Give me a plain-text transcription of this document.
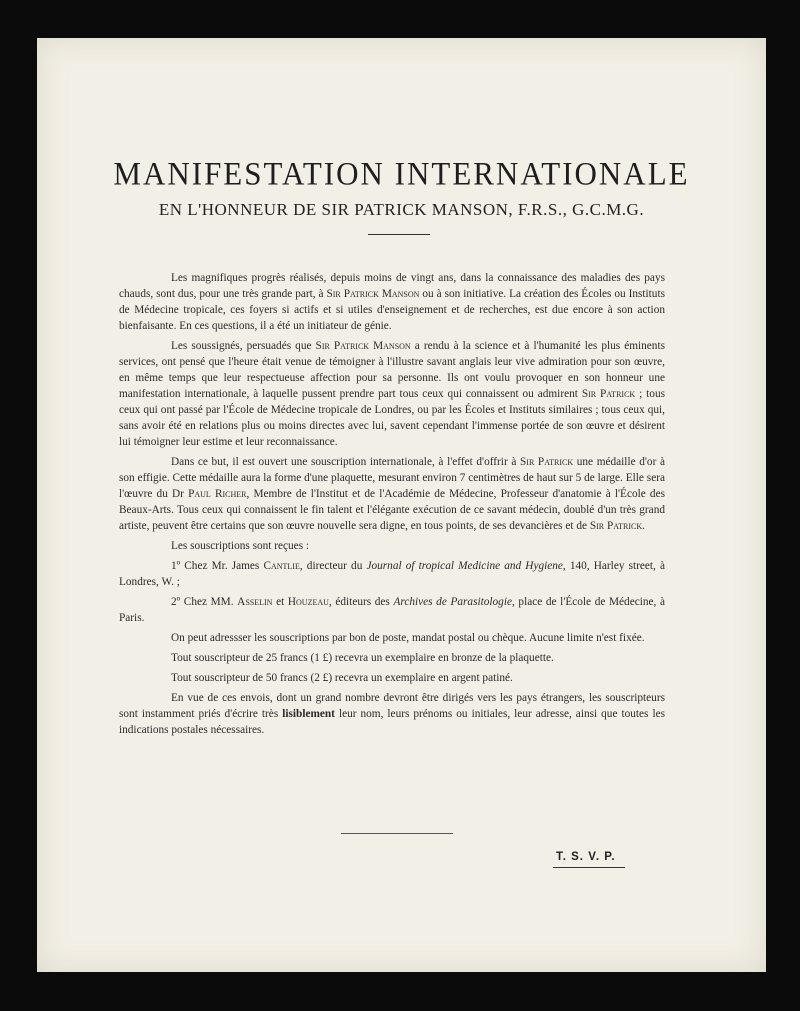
MANIFESTATION INTERNATIONALE
EN L'HONNEUR DE SIR PATRICK MANSON, F.R.S., G.C.M.G.

Les magnifiques progrès réalisés, depuis moins de vingt ans, dans la connaissance des maladies des pays chauds, sont dus, pour une très grande part, à Sir Patrick Manson ou à son initiative. La création des Écoles ou Instituts de Médecine tropicale, ces foyers si actifs et si utiles d'enseignement et de recherches, est due encore à son action bienfaisante. En ces questions, il a été un initiateur de génie.

Les soussignés, persuadés que Sir Patrick Manson a rendu à la science et à l'humanité les plus éminents services, ont pensé que l'heure était venue de témoigner à l'illustre savant anglais leur vive admiration pour son œuvre, en même temps que leur respectueuse affection pour sa personne. Ils ont voulu provoquer en son honneur une manifestation internationale, à laquelle pussent prendre part tous ceux qui connaissent ou admirent Sir Patrick ; tous ceux qui ont passé par l'École de Médecine tropicale de Londres, ou par les Écoles et Instituts similaires ; tous ceux qui, sans avoir été en relations plus ou moins directes avec lui, savent cependant l'immense portée de son œuvre et désirent lui témoigner leur estime et leur reconnaissance.

Dans ce but, il est ouvert une souscription internationale, à l'effet d'offrir à Sir Patrick une médaille d'or à son effigie. Cette médaille aura la forme d'une plaquette, mesurant environ 7 centimètres de haut sur 5 de large. Elle sera l'œuvre du Dr Paul Richer, Membre de l'Institut et de l'Académie de Médecine, Professeur d'anatomie à l'École des Beaux-Arts. Tous ceux qui connaissent le fin talent et l'élégante exécution de ce savant médecin, doublé d'un très grand artiste, peuvent être certains que son œuvre nouvelle sera digne, en tous points, de ses devancières et de Sir Patrick.

Les souscriptions sont reçues :

1º Chez Mr. James Cantlie, directeur du Journal of tropical Medicine and Hygiene, 140, Harley street, à Londres, W. ;

2º Chez MM. Asselin et Houzeau, éditeurs des Archives de Parasitologie, place de l'École de Médecine, à Paris.

On peut adressser les souscriptions par bon de poste, mandat postal ou chèque. Aucune limite n'est fixée.

Tout souscripteur de 25 francs (1 £) recevra un exemplaire en bronze de la plaquette.

Tout souscripteur de 50 francs (2 £) recevra un exemplaire en argent patiné.

En vue de ces envois, dont un grand nombre devront être dirigés vers les pays étrangers, les souscripteurs sont instamment priés d'écrire très lisiblement leur nom, leurs prénoms ou initiales, leur adresse, ainsi que toutes les indications postales nécessaires.

T. S. V. P.
